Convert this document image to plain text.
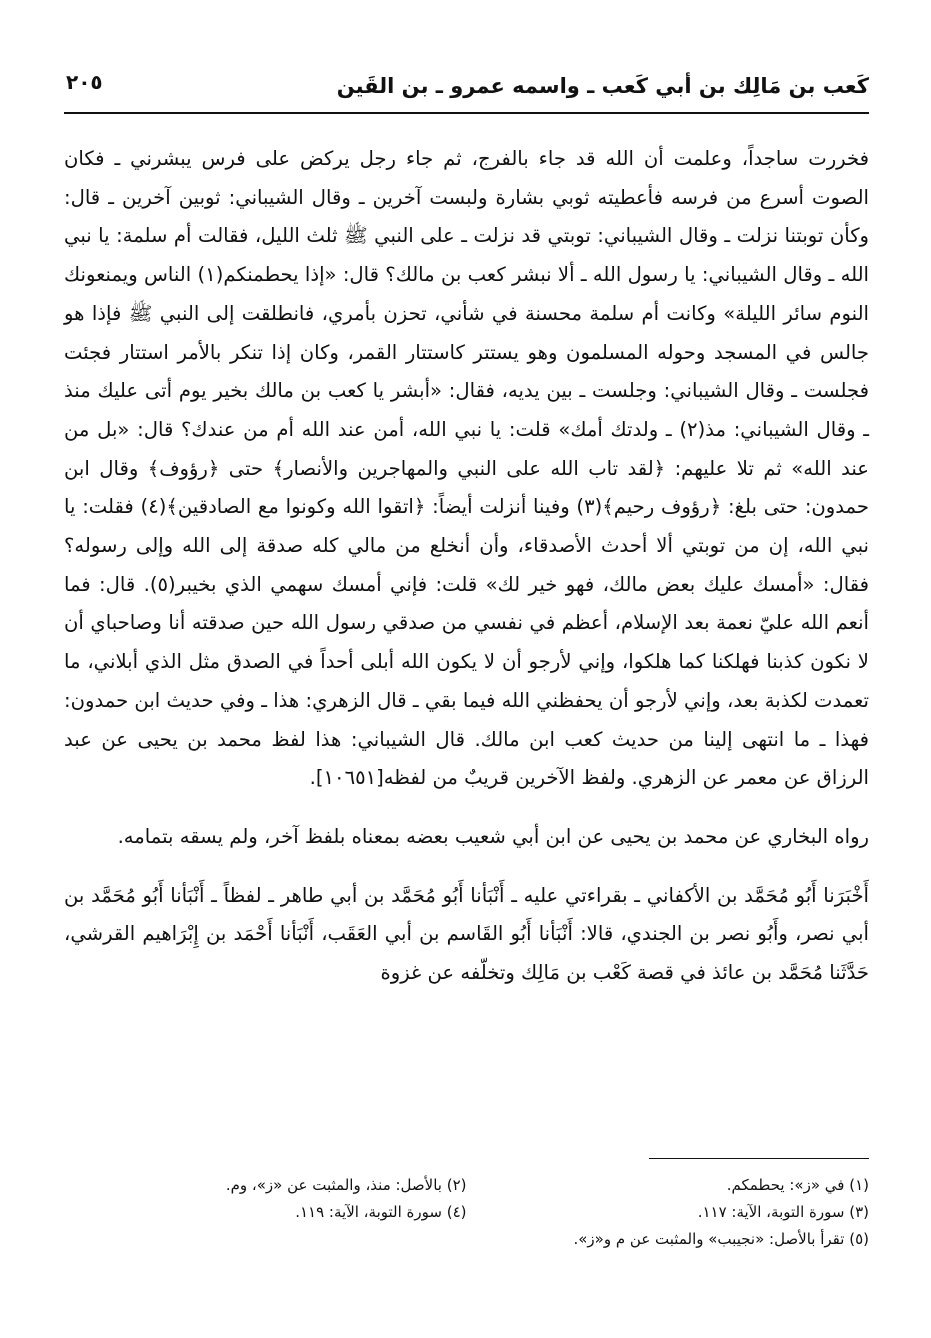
كَعب بن مَالِك بن أبي كَعب ـ واسمه عمرو ـ بن القَين
٢٠٥

فخررت ساجداً، وعلمت أن الله قد جاء بالفرج، ثم جاء رجل يركض على فرس يبشرني ـ فكان الصوت أسرع من فرسه فأعطيته ثوبي بشارة ولبست آخرين ـ وقال الشيباني: ثوبين آخرين ـ قال: وكأن توبتنا نزلت ـ وقال الشيباني: توبتي قد نزلت ـ على النبي ﷺ ثلث الليل، فقالت أم سلمة: يا نبي الله ـ وقال الشيباني: يا رسول الله ـ ألا نبشر كعب بن مالك؟ قال: «إذا يحطمنكم(١) الناس ويمنعونك النوم سائر الليلة» وكانت أم سلمة محسنة في شأني، تحزن بأمري، فانطلقت إلى النبي ﷺ فإذا هو جالس في المسجد وحوله المسلمون وهو يستتر كاستتار القمر، وكان إذا تنكر بالأمر استتار فجئت فجلست ـ وقال الشيباني: وجلست ـ بين يديه، فقال: «أبشر يا كعب بن مالك بخير يوم أتى عليك منذ ـ وقال الشيباني: مذ(٢) ـ ولدتك أمك» قلت: يا نبي الله، أمن عند الله أم من عندك؟ قال: «بل من عند الله» ثم تلا عليهم: ﴿لقد تاب الله على النبي والمهاجرين والأنصار﴾ حتى ﴿رؤوف﴾ وقال ابن حمدون: حتى بلغ: ﴿رؤوف رحيم﴾(٣) وفينا أنزلت أيضاً: ﴿اتقوا الله وكونوا مع الصادقين﴾(٤) فقلت: يا نبي الله، إن من توبتي ألا أحدث الأصدقاء، وأن أنخلع من مالي كله صدقة إلى الله وإلى رسوله؟ فقال: «أمسك عليك بعض مالك، فهو خير لك» قلت: فإني أمسك سهمي الذي بخيبر(٥). قال: فما أنعم الله عليّ نعمة بعد الإسلام، أعظم في نفسي من صدقي رسول الله حين صدقته أنا وصاحباي أن لا نكون كذبنا فهلكنا كما هلكوا، وإني لأرجو أن لا يكون الله أبلى أحداً في الصدق مثل الذي أبلاني، ما تعمدت لكذبة بعد، وإني لأرجو أن يحفظني الله فيما بقي ـ قال الزهري: هذا ـ وفي حديث ابن حمدون: فهذا ـ ما انتهى إلينا من حديث كعب ابن مالك. قال الشيباني: هذا لفظ محمد بن يحيى عن عبد الرزاق عن معمر عن الزهري. ولفظ الآخرين قريبٌ من لفظه[١٠٦٥١].

رواه البخاري عن محمد بن يحيى عن ابن أبي شعيب بعضه بمعناه بلفظ آخر، ولم يسقه بتمامه.

أَخْبَرَنا أَبُو مُحَمَّد بن الأكفاني ـ بقراءتي عليه ـ أَنْبَأنا أَبُو مُحَمَّد بن أبي طاهر ـ لفظاً ـ أَنْبَأنا أَبُو مُحَمَّد بن أبي نصر، وأَبُو نصر بن الجندي، قالا: أَنْبَأنا أَبُو القَاسم بن أبي العَقَب، أَنْبَأنا أَحْمَد بن إِبْرَاهيم القرشي، حَدَّثَنا مُحَمَّد بن عائذ في قصة كَعْب بن مَالِك وتخلّفه عن غزوة

(١) في «ز»: يحطمكم.
(٢) بالأصل: منذ، والمثبت عن «ز»، وم.
(٣) سورة التوبة، الآية: ١١٧.
(٤) سورة التوبة، الآية: ١١٩.
(٥) تقرأ بالأصل: «نجيبب» والمثبت عن م و«ز».
